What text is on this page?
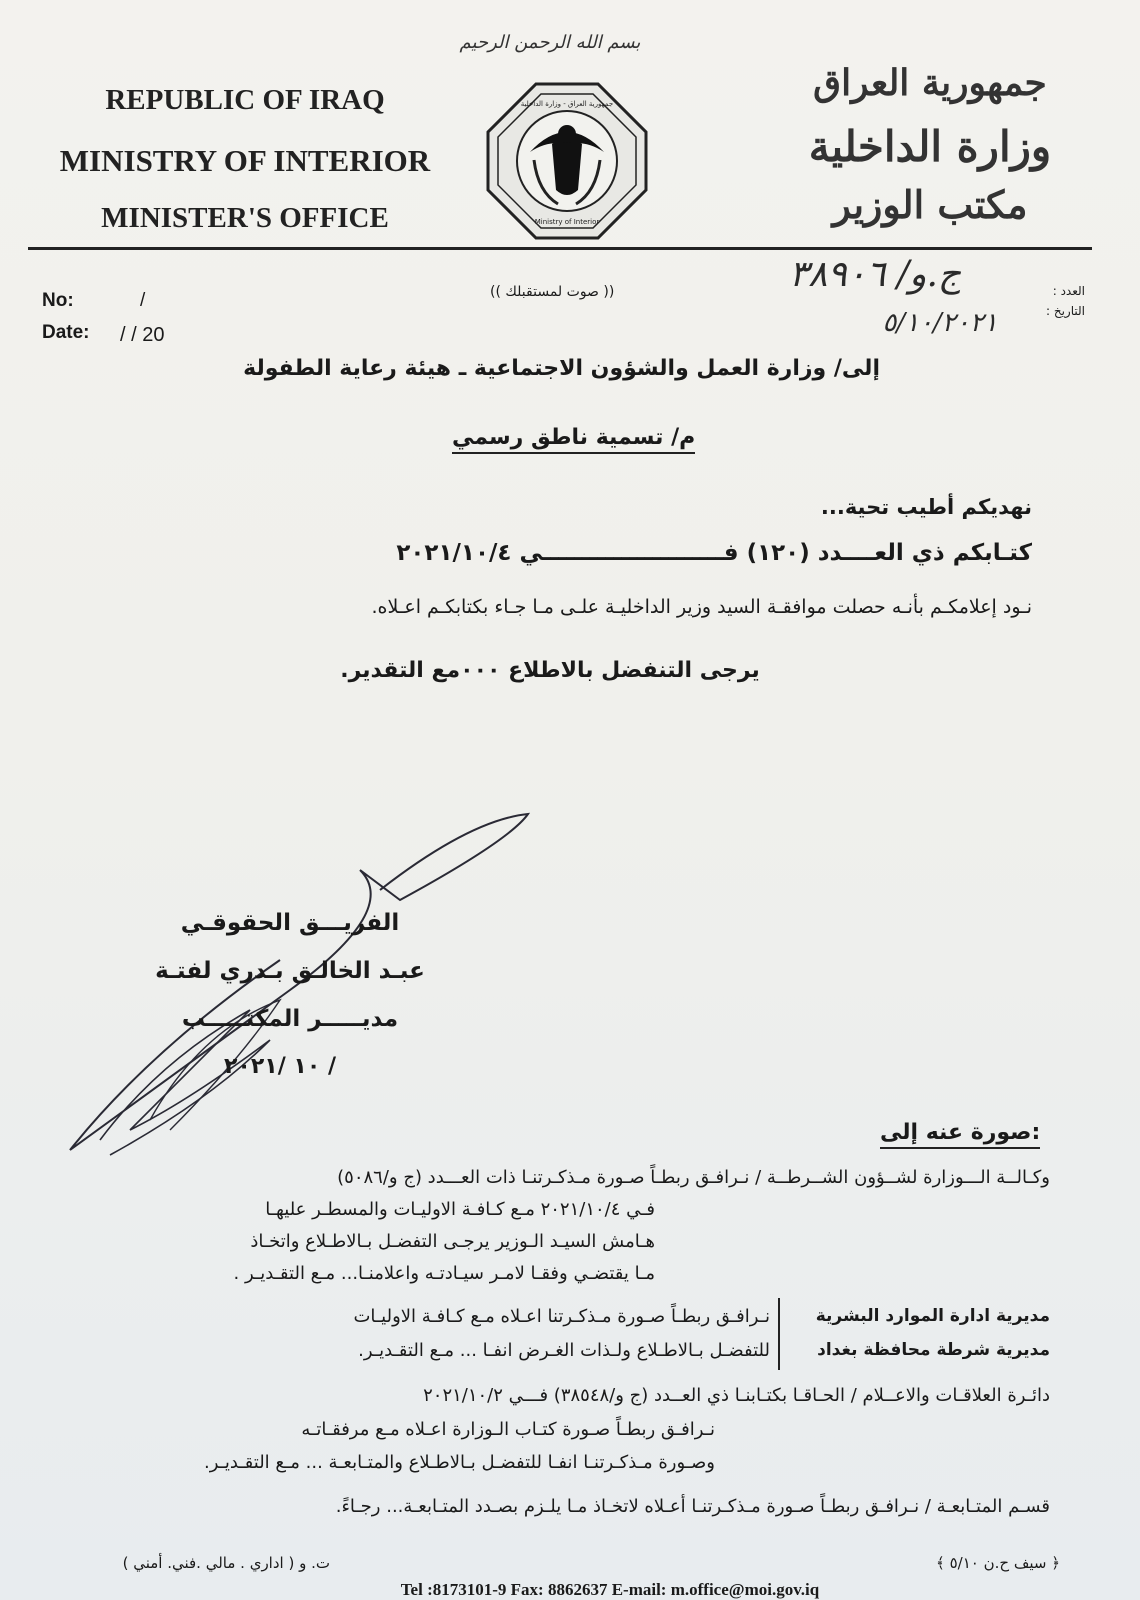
بسم الله الرحمن الرحيم
REPUBLIC OF IRAQ
MINISTRY OF INTERIOR
MINISTER'S OFFICE
جمهورية العراق
وزارة الداخلية
مكتب الوزير
جمهورية العراق - وزارة الداخلية
Ministry of Interior
No:	/
Date: / / 20
(( صوت لمستقبلك ))	العدد :
التاريخ :
ج.و/ ٣٨٩٠٦
٥/١٠/٢٠٢١
إلى/ وزارة العمل والشؤون الاجتماعية ـ هيئة رعاية الطفولة
م/ تسمية ناطق رسمي
نهديكم أطيب تحية...
كتـابكم ذي العــــدد (١٢٠) فـــــــــــــــــــــــي ٢٠٢١/١٠/٤
نـود إعلامكـم بأنـه حصلت موافقـة السيد وزير الداخليـة علـى مـا جـاء بكتابكـم اعـلاه.
يرجى التنفضل بالاطلاع ٠٠٠مع التقدير.
الفريـــق الحقوقـي
عبـد الخالـق بـدري لفتـة
مديـــــر المكتـــــب
/ ١٠ /٢٠٢١
صورة عنه إلى:
وكـالــة الـــوزارة لشــؤون الشــرطــة / نـرافـق ربطـاً صـورة مـذكـرتنـا ذات العـــدد (ج و/٥٠٨٦)
فـي ٢٠٢١/١٠/٤ مـع كـافـة الاوليـات والمسطـر عليهـا
هـامش السيـد الـوزير يرجـى التفضـل بـالاطـلاع واتخـاذ
مـا يقتضـي وفقـا لامـر سيـادتـه واعلامنـا... مـع التقـديـر .
مديرية ادارة الموارد البشرية
مديرية شرطة محافظة بغداد
نـرافـق ربطـاً صـورة مـذكـرتنا اعـلاه مـع كـافـة الاوليـات
للتفضـل بـالاطـلاع ولـذات الغـرض انفـا ... مـع التقـديـر.
دائـرة العلاقـات والاعــلام / الحـاقـا بكتـابنـا ذي العــدد (ج و/٣٨٥٤٨) فـــي ٢٠٢١/١٠/٢
نـرافـق ربطـاً صـورة كتـاب الـوزارة اعـلاه مـع مرفقـاتـه
وصـورة مـذكـرتنـا انفـا للتفضـل بـالاطـلاع والمتـابعـة ... مـع التقـديـر.
قسـم المتـابعـة / نـرافـق ربطـاً صـورة مـذكـرتنـا أعـلاه لاتخـاذ مـا يلـزم بصـدد المتـابعـة... رجـاءً.
﴿ سيف ح.ن ٥/١٠ ﴾
ت. و ( اداري . مالي .فني. أمني )
Tel :8173101-9 Fax: 8862637 E-mail: m.office@moi.gov.iq
